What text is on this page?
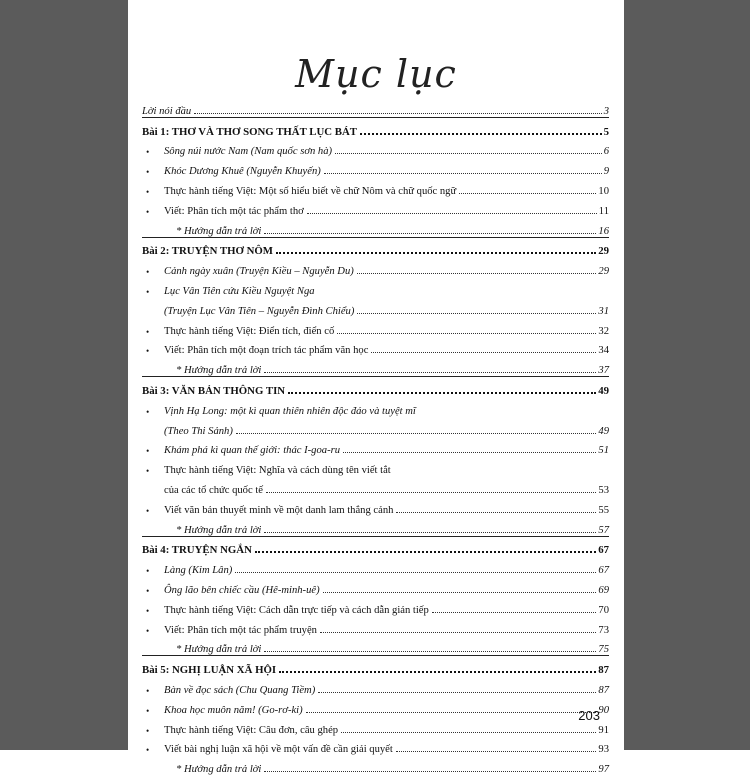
Mục lục
Lời nói đầu	3
Bài 1: THƠ VÀ THƠ SONG THẤT LỤC BÁT	5
• Sông núi nước Nam (Nam quốc sơn hà)	6
• Khóc Dương Khuê (Nguyễn Khuyến)	9
• Thực hành tiếng Việt: Một số hiểu biết về chữ Nôm và chữ quốc ngữ	10
• Viết: Phân tích một tác phẩm thơ	11
* Hướng dẫn trả lời	16
Bài 2: TRUYỆN THƠ NÔM	29
• Cảnh ngày xuân (Truyện Kiều – Nguyễn Du)	29
• Lục Vân Tiên cứu Kiều Nguyệt Nga
(Truyện Lục Vân Tiên – Nguyễn Đình Chiểu)	31
• Thực hành tiếng Việt: Điển tích, điển cố	32
• Viết: Phân tích một đoạn trích tác phẩm văn học	34
* Hướng dẫn trả lời	37
Bài 3: VĂN BẢN THÔNG TIN	49
• Vịnh Hạ Long: một kì quan thiên nhiên độc đáo và tuyệt mĩ
(Theo Thi Sảnh)	49
• Khám phá kì quan thế giới: thác I-goa-ru	51
• Thực hành tiếng Việt: Nghĩa và cách dùng tên viết tắt
của các tổ chức quốc tế	53
• Viết văn bản thuyết minh về một danh lam thắng cảnh	55
* Hướng dẫn trả lời	57
Bài 4: TRUYỆN NGẮN	67
• Làng (Kim Lân)	67
• Ông lão bên chiếc cầu (Hê-minh-uê)	69
• Thực hành tiếng Việt: Cách dẫn trực tiếp và cách dẫn gián tiếp	70
• Viết: Phân tích một tác phẩm truyện	73
* Hướng dẫn trả lời	75
Bài 5: NGHỊ LUẬN XÃ HỘI	87
• Bàn về đọc sách (Chu Quang Tiềm)	87
• Khoa học muôn năm! (Go-rơ-ki)	90
• Thực hành tiếng Việt: Câu đơn, câu ghép	91
• Viết bài nghị luận xã hội về một vấn đề cần giải quyết	93
* Hướng dẫn trả lời	97
203
